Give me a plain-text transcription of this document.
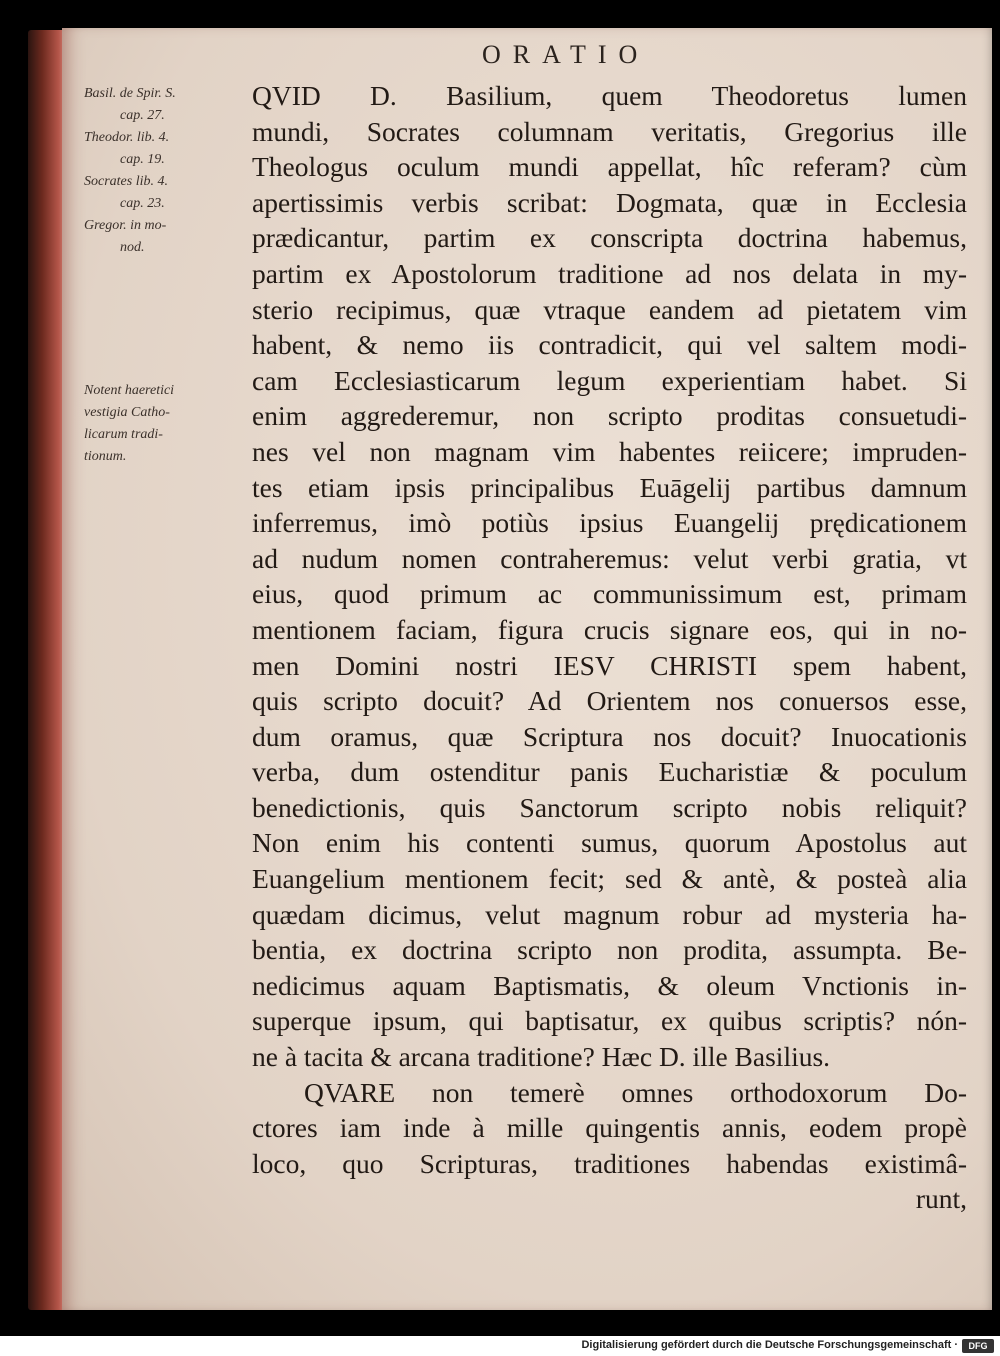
ORATIO
Basil. de Spir. S.
cap. 27.
Theodor. lib. 4.
cap. 19.
Socrates lib. 4.
cap. 23.
Gregor. in mo-
nod.
Notent haeretici
vestigia Catho-
licarum tradi-
tionum.
QVID D. Basilium, quem Theodoretus lumen
mundi, Socrates columnam veritatis, Gregorius ille
Theologus oculum mundi appellat, hîc referam? cùm
apertissimis verbis scribat: Dogmata, quæ in Ecclesia
prædicantur, partim ex conscripta doctrina habemus,
partim ex Apostolorum traditione ad nos delata in my-
sterio recipimus, quæ vtraque eandem ad pietatem vim
habent, & nemo iis contradicit, qui vel saltem modi-
cam Ecclesiasticarum legum experientiam habet. Si
enim aggrederemur, non scripto proditas consuetudi-
nes vel non magnam vim habentes reiicere; impruden-
tes etiam ipsis principalibus Euāgelij partibus damnum
inferremus, imò potiùs ipsius Euangelij prędicationem
ad nudum nomen contraheremus: velut verbi gratia, vt
eius, quod primum ac communissimum est, primam
mentionem faciam, figura crucis signare eos, qui in no-
men Domini nostri IESV CHRISTI spem habent,
quis scripto docuit? Ad Orientem nos conuersos esse,
dum oramus, quæ Scriptura nos docuit? Inuocationis
verba, dum ostenditur panis Eucharistiæ & poculum
benedictionis, quis Sanctorum scripto nobis reliquit?
Non enim his contenti sumus, quorum Apostolus aut
Euangelium mentionem fecit; sed & antè, & posteà alia
quædam dicimus, velut magnum robur ad mysteria ha-
bentia, ex doctrina scripto non prodita, assumpta. Be-
nedicimus aquam Baptismatis, & oleum Vnctionis in-
superque ipsum, qui baptisatur, ex quibus scriptis? nón-
ne à tacita & arcana traditione? Hæc D. ille Basilius.
QVARE non temerè omnes orthodoxorum Do-
ctores iam inde à mille quingentis annis, eodem propè
loco, quo Scripturas, traditiones habendas existimâ-
runt,
Digitalisierung gefördert durch die Deutsche Forschungsgemeinschaft ·	DFG
